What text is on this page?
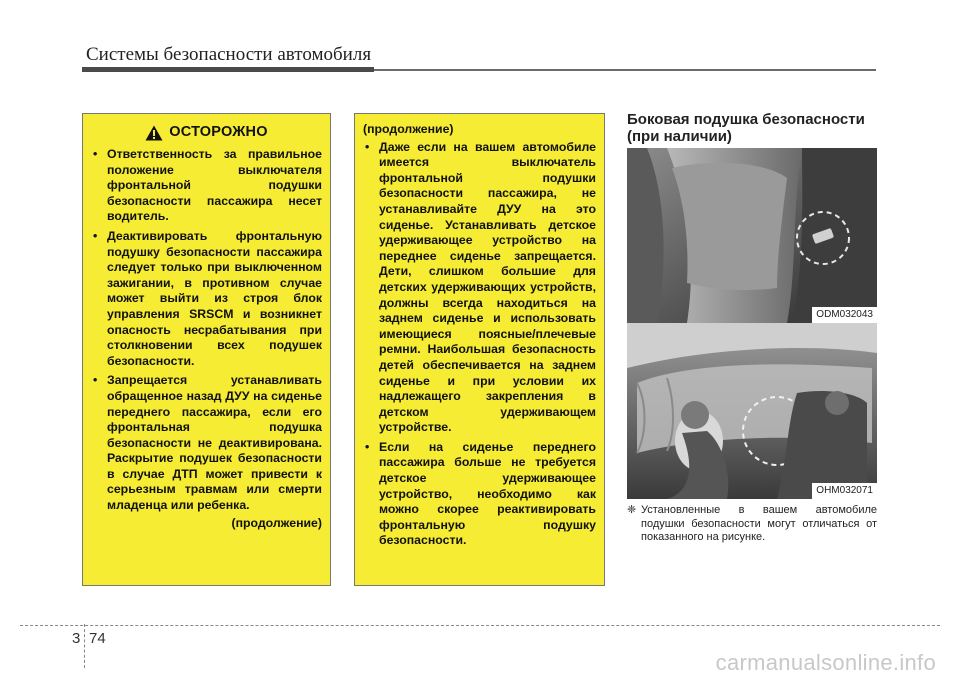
Системы безопасности автомобиля
ОСТОРОЖНО
• Ответственность за правильное положение выключателя фронтальной подушки безопасности пассажира несет водитель.
• Деактивировать фронтальную подушку безопасности пассажира следует только при выключенном зажигании, в противном случае может выйти из строя блок управления SRSCM и возникнет опасность несрабатывания при столкновении всех подушек безопасности.
• Запрещается устанавливать обращенное назад ДУУ на сиденье переднего пассажира, если его фронтальная подушка безопасности не деактивирована. Раскрытие подушек безопасности в случае ДТП может привести к серьезным травмам или смерти младенца или ребенка.
(продолжение)
(продолжение)
• Даже если на вашем автомобиле имеется выключатель фронтальной подушки безопасности пассажира, не устанавливайте ДУУ на это сиденье. Устанавливать детское удерживающее устройство на переднее сиденье запрещается. Дети, слишком большие для детских удерживающих устройств, должны всегда находиться на заднем сиденье и использовать имеющиеся поясные/плечевые ремни. Наибольшая безопасность детей обеспечивается на заднем сиденье и при условии их надлежащего закрепления в детском удерживающем устройстве.
• Если на сиденье переднего пассажира больше не требуется детское удерживающее устройство, необходимо как можно скорее реактивировать фронтальную подушку безопасности.
Боковая подушка безопасности (при наличии)
ODM032043
OHM032071
❈ Установленные в вашем автомобиле подушки безопасности могут отличаться от показанного на рисунке.
3 74
carmanualsonline.info
